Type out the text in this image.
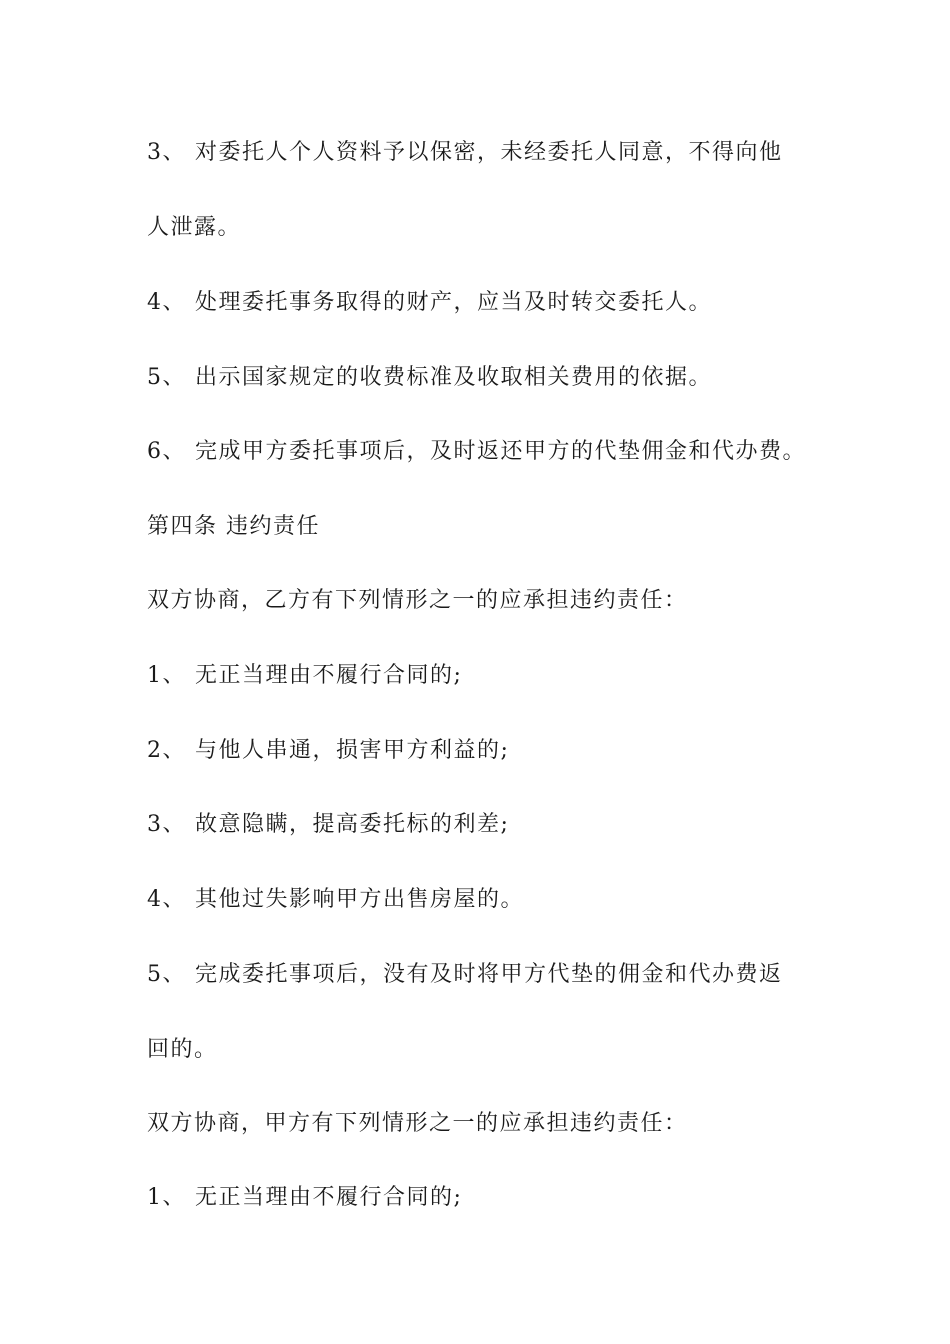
3、 对委托人个人资料予以保密，未经委托人同意，不得向他
人泄露。
4、 处理委托事务取得的财产，应当及时转交委托人。
5、 出示国家规定的收费标准及收取相关费用的依据。
6、 完成甲方委托事项后，及时返还甲方的代垫佣金和代办费。
第四条 违约责任
双方协商，乙方有下列情形之一的应承担违约责任：
1、 无正当理由不履行合同的;
2、 与他人串通，损害甲方利益的;
3、 故意隐瞒，提高委托标的利差;
4、 其他过失影响甲方出售房屋的。
5、 完成委托事项后，没有及时将甲方代垫的佣金和代办费返
回的。
双方协商，甲方有下列情形之一的应承担违约责任：
1、 无正当理由不履行合同的;
